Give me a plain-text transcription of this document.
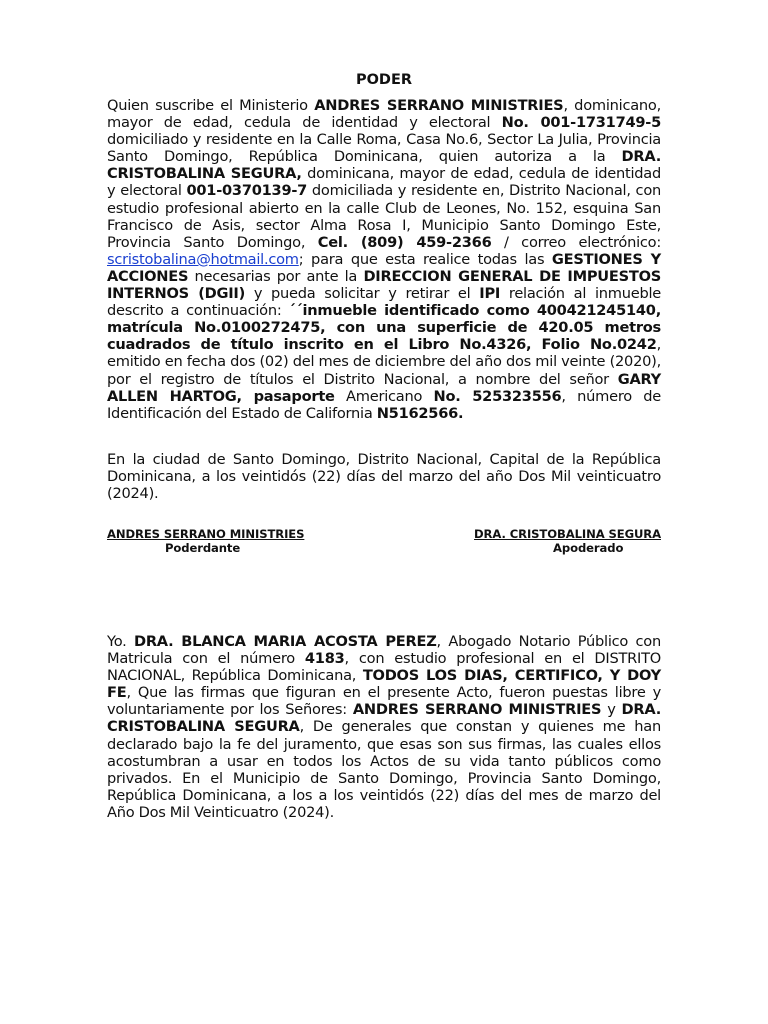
PODER

Quien suscribe el Ministerio ANDRES SERRANO MINISTRIES, dominicano, mayor de edad, cedula de identidad y electoral No. 001-1731749-5 domiciliado y residente en la Calle Roma, Casa No.6, Sector La Julia, Provincia Santo Domingo, República Dominicana, quien autoriza a la DRA. CRISTOBALINA SEGURA, dominicana, mayor de edad, cedula de identidad y electoral 001-0370139-7 domiciliada y residente en, Distrito Nacional, con estudio profesional abierto en la calle Club de Leones, No. 152, esquina San Francisco de Asis, sector Alma Rosa I, Municipio Santo Domingo Este, Provincia Santo Domingo, Cel. (809) 459-2366 / correo electrónico: scristobalina@hotmail.com; para que esta realice todas las GESTIONES Y ACCIONES necesarias por ante la DIRECCION GENERAL DE IMPUESTOS INTERNOS (DGII) y pueda solicitar y retirar el IPI relación al inmueble descrito a continuación: ´´inmueble identificado como 400421245140, matrícula No.0100272475, con una superficie de 420.05 metros cuadrados de título inscrito en el Libro No.4326, Folio No.0242, emitido en fecha dos (02) del mes de diciembre del año dos mil veinte (2020), por el registro de títulos el Distrito Nacional, a nombre del señor GARY ALLEN HARTOG, pasaporte Americano No. 525323556, número de Identificación del Estado de California N5162566.

En la ciudad de Santo Domingo, Distrito Nacional, Capital de la República Dominicana, a los veintidós (22) días del marzo del año Dos Mil veinticuatro (2024).

ANDRES SERRANO MINISTRIES
Poderdante
DRA. CRISTOBALINA SEGURA
Apoderado

Yo. DRA. BLANCA MARIA ACOSTA PEREZ, Abogado Notario Público con Matricula con el número 4183, con estudio profesional en el DISTRITO NACIONAL, República Dominicana, TODOS LOS DIAS, CERTIFICO, Y DOY FE, Que las firmas que figuran en el presente Acto, fueron puestas libre y voluntariamente por los Señores: ANDRES SERRANO MINISTRIES y DRA. CRISTOBALINA SEGURA, De generales que constan y quienes me han declarado bajo la fe del juramento, que esas son sus firmas, las cuales ellos acostumbran a usar en todos los Actos de su vida tanto públicos como privados. En el Municipio de Santo Domingo, Provincia Santo Domingo, República Dominicana, a los a los veintidós (22) días del mes de marzo del Año Dos Mil Veinticuatro (2024).
